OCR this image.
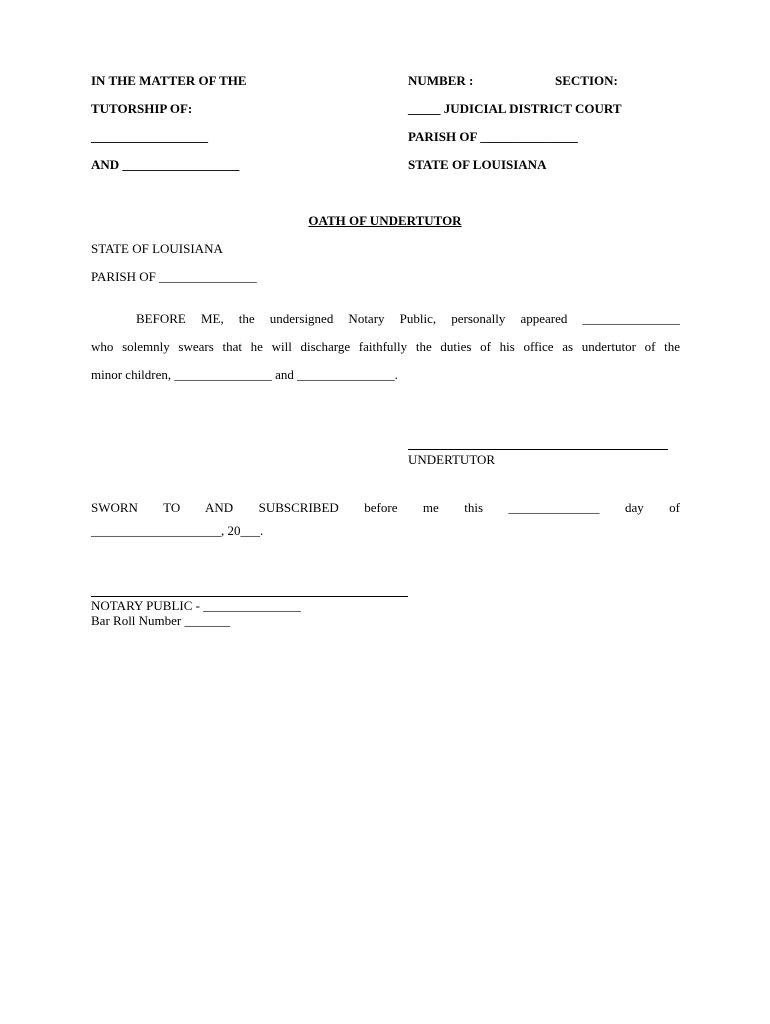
IN THE MATTER OF THE
TUTORSHIP OF:
__________________
AND __________________
NUMBER :	SECTION:
_____ JUDICIAL DISTRICT COURT
PARISH OF _______________
STATE OF LOUISIANA
OATH OF UNDERTUTOR
STATE OF LOUISIANA
PARISH OF _______________
BEFORE ME, the undersigned Notary Public, personally appeared _______________
who solemnly swears that he will discharge faithfully the duties of his office as undertutor of the
minor children, _______________ and _______________.
UNDERTUTOR
SWORN TO AND SUBSCRIBED before me this ______________ day of
____________________, 20___.
NOTARY PUBLIC - _______________
Bar Roll Number _______
